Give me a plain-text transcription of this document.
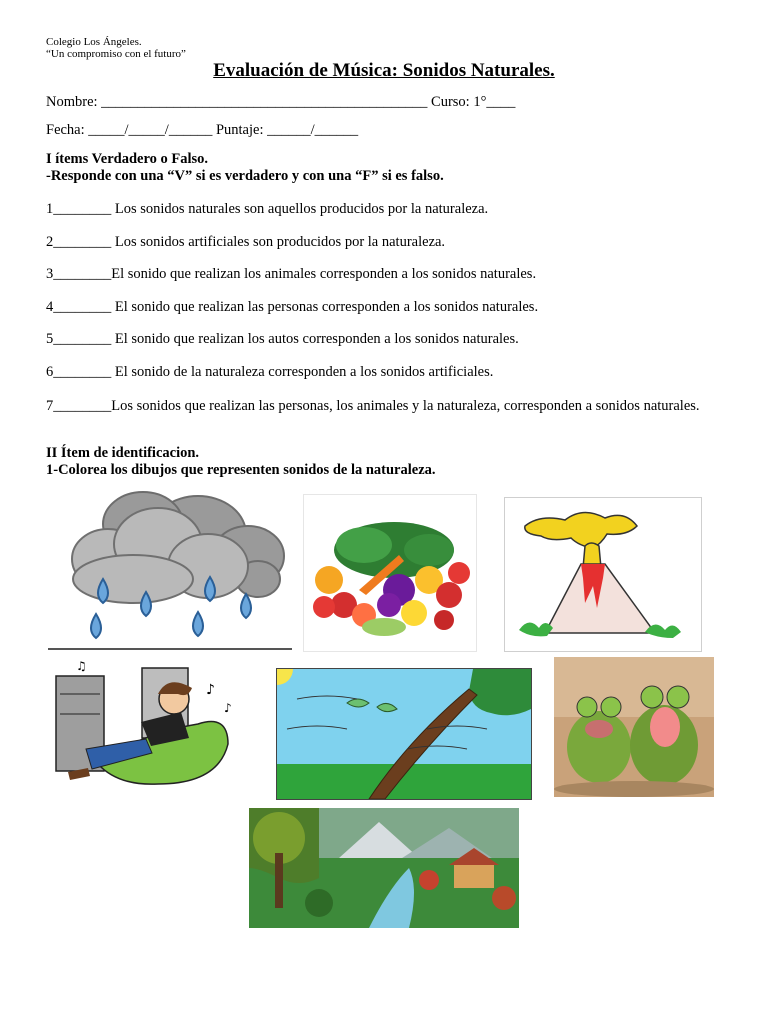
Colegio Los Ángeles.
“Un compromiso con el futuro”
Evaluación de Música: Sonidos Naturales.
Nombre: _____________________________________________ Curso: 1°____
Fecha: _____/_____/______ Puntaje: ______/______
I ítems Verdadero o Falso.
-Responde con una “V” si es verdadero y con una “F” si es falso.
1________ Los sonidos naturales son aquellos producidos por la naturaleza.
2________ Los sonidos artificiales son producidos por la naturaleza.
3________El sonido que realizan los animales corresponden a los sonidos naturales.
4________ El sonido que realizan las personas corresponden a los sonidos naturales.
5________ El sonido que realizan los autos corresponden a los sonidos naturales.
6________ El sonido de la naturaleza corresponden a los sonidos artificiales.
7________Los sonidos que realizan las personas, los animales y la naturaleza, corresponden a sonidos naturales.
II Ítem de identificacion.
1-Colorea los dibujos que representen sonidos de la naturaleza.
♪
♫
♪
